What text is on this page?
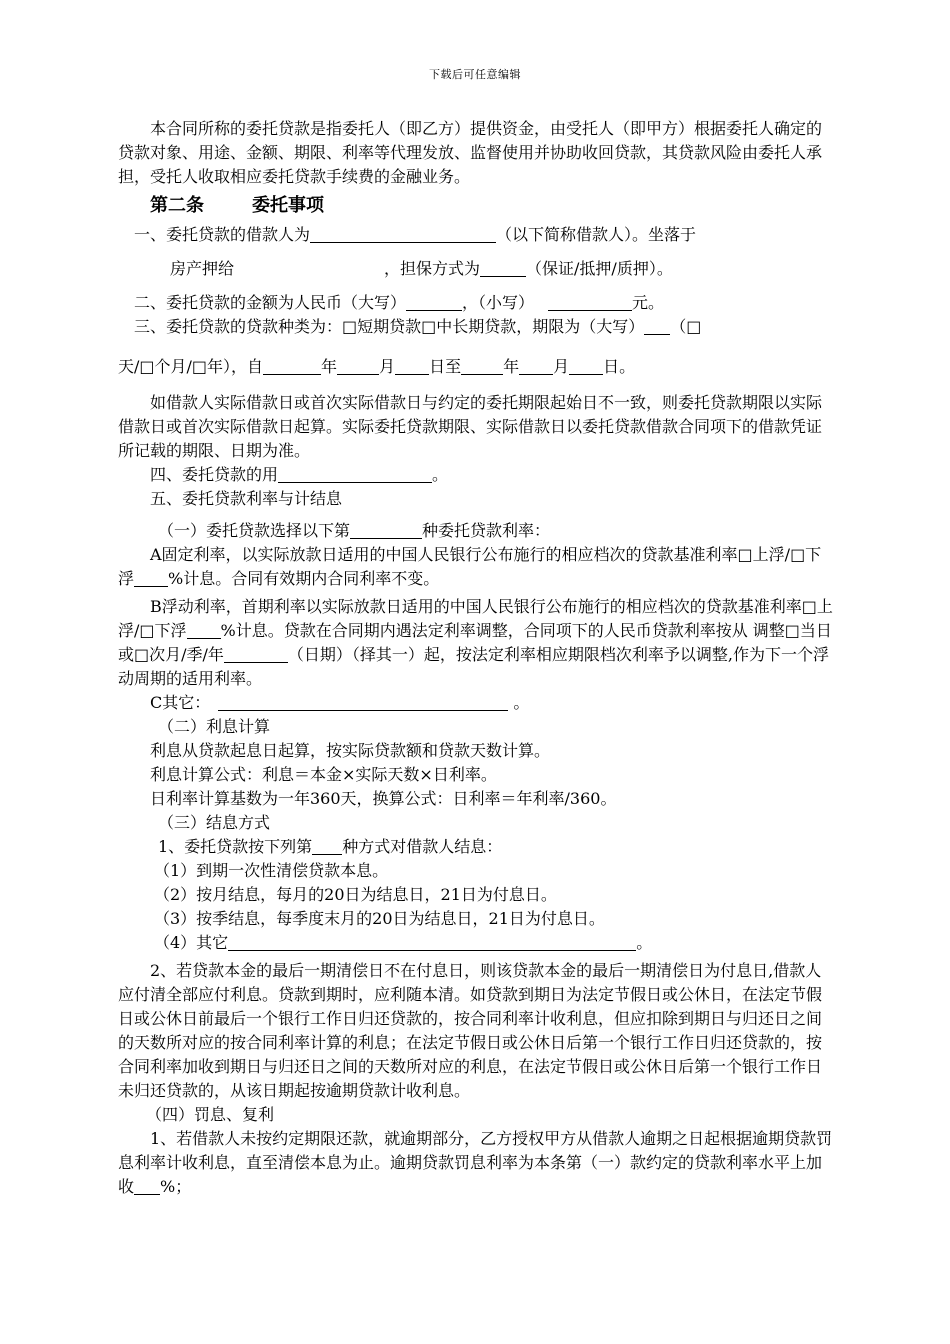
下载后可任意编辑

本合同所称的委托贷款是指委托人（即乙方）提供资金，由受托人（即甲方）根据委托人确定的贷款对象、用途、金额、期限、利率等代理发放、监督使用并协助收回贷款，其贷款风险由委托人承担，受托人收取相应委托贷款手续费的金融业务。

第二条	委托事项

一、委托贷款的借款人为	（以下简称借款人）。坐落于

房产押给	，担保方式为	（保证/抵押/质押）。

二、委托贷款的金额为人民币（大写）	，（小写）	元。

三、委托贷款的贷款种类为：□短期贷款□中长期贷款，期限为（大写） （□

天/□个月/□年），自	年	月 日至	年 月 日。

如借款人实际借款日或首次实际借款日与约定的委托期限起始日不一致，则委托贷款期限以实际借款日或首次实际借款日起算。实际委托贷款期限、实际借款日以委托贷款借款合同项下的借款凭证所记载的期限、日期为准。

四、委托贷款的用	。

五、委托贷款利率与计结息

（一）委托贷款选择以下第	种委托贷款利率：

A固定利率，以实际放款日适用的中国人民银行公布施行的相应档次的贷款基准利率□上浮/□下浮 %计息。合同有效期内合同利率不变。

B浮动利率，首期利率以实际放款日适用的中国人民银行公布施行的相应档次的贷款基准利率□上浮/□下浮 %计息。贷款在合同期内遇法定利率调整，合同项下的人民币贷款利率按从 调整□当日或□次月/季/年	（日期）（择其一）起，按法定利率相应期限档次利率予以调整,作为下一个浮动周期的适用利率。

C其它：	。

（二）利息计算

利息从贷款起息日起算，按实际贷款额和贷款天数计算。

利息计算公式：利息＝本金×实际天数×日利率。

日利率计算基数为一年360天，换算公式：日利率＝年利率/360。

（三）结息方式

1、委托贷款按下列第 种方式对借款人结息：

（1）到期一次性清偿贷款本息。

（2）按月结息，每月的20日为结息日，21日为付息日。

（3）按季结息，每季度末月的20日为结息日，21日为付息日。

（4）其它	。

2、若贷款本金的最后一期清偿日不在付息日，则该贷款本金的最后一期清偿日为付息日,借款人应付清全部应付利息。贷款到期时，应利随本清。如贷款到期日为法定节假日或公休日，在法定节假日或公休日前最后一个银行工作日归还贷款的，按合同利率计收利息，但应扣除到期日与归还日之间的天数所对应的按合同利率计算的利息；在法定节假日或公休日后第一个银行工作日归还贷款的，按合同利率加收到期日与归还日之间的天数所对应的利息，在法定节假日或公休日后第一个银行工作日未归还贷款的，从该日期起按逾期贷款计收利息。

（四）罚息、复利

1、若借款人未按约定期限还款，就逾期部分，乙方授权甲方从借款人逾期之日起根据逾期贷款罚息利率计收利息，直至清偿本息为止。逾期贷款罚息利率为本条第（一）款约定的贷款利率水平上加收 %；
